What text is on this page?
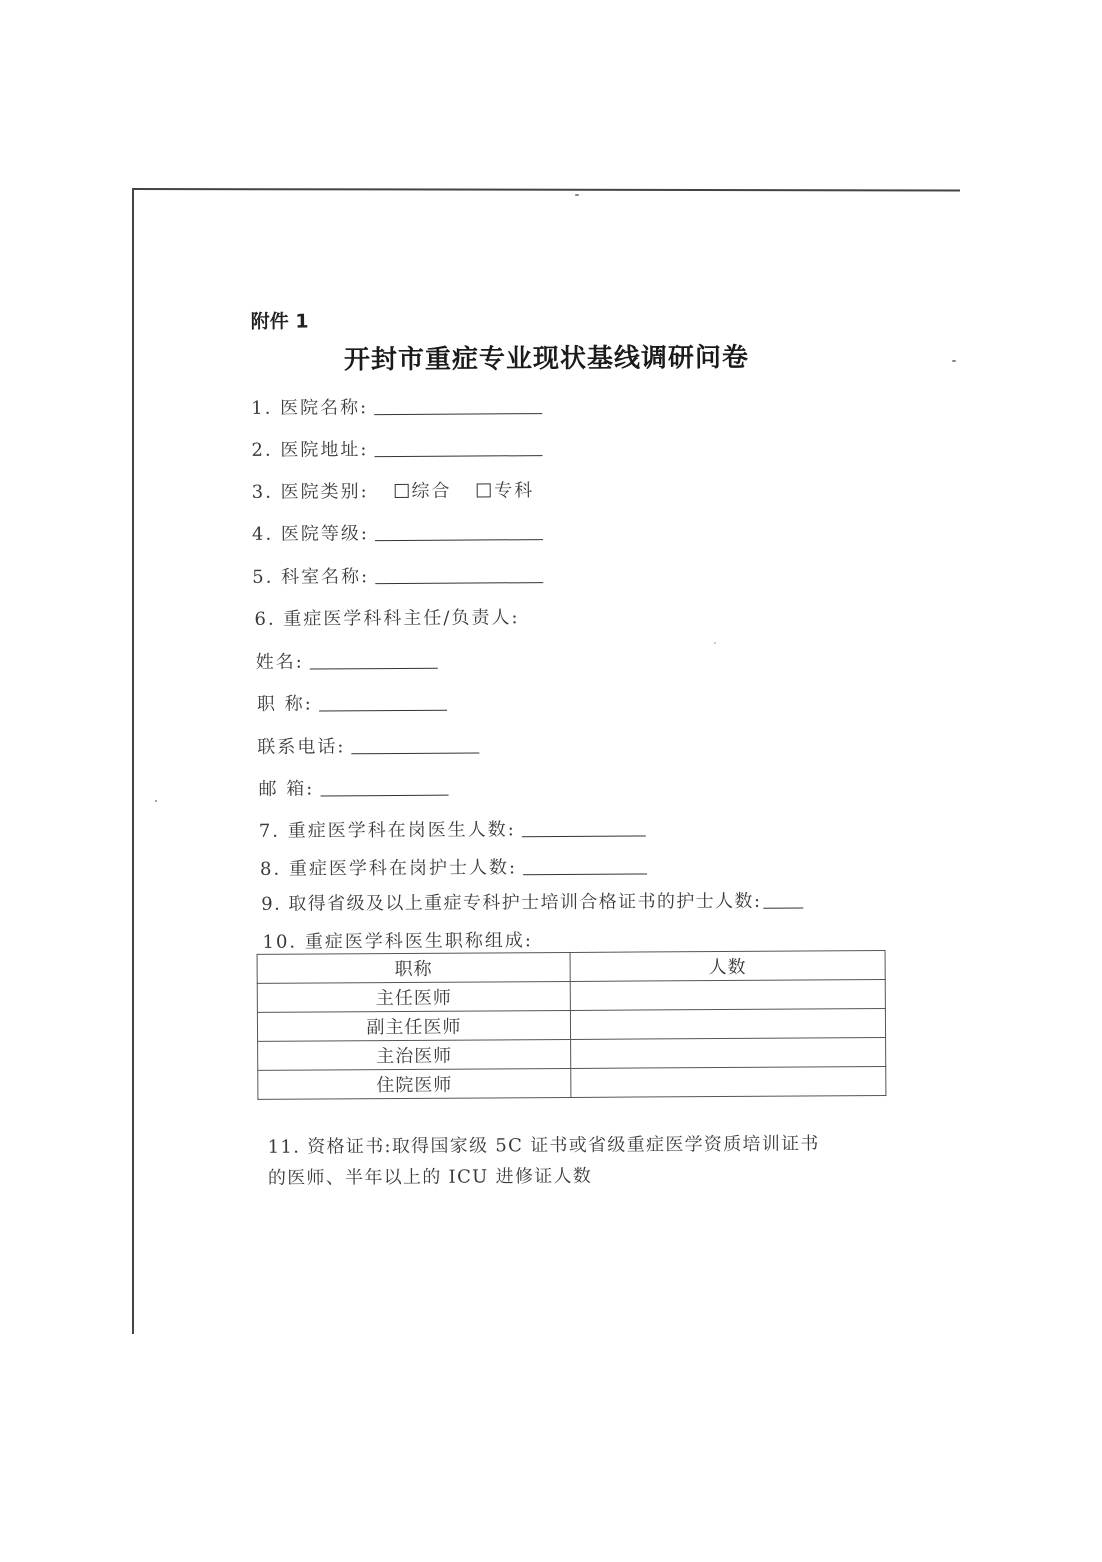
附件 1
开封市重症专业现状基线调研问卷
1. 医院名称:
2. 医院地址:
3. 医院类别: 综合 专科
4. 医院等级:
5. 科室名称:
6. 重症医学科科主任/负责人:
姓名:
职 称:
联系电话:
邮 箱:
7. 重症医学科在岗医生人数:
8. 重症医学科在岗护士人数:
9. 取得省级及以上重症专科护士培训合格证书的护士人数:
10. 重症医学科医生职称组成:
职称	人数
主任医师	
副主任医师	
主治医师	
住院医师	
11. 资格证书:取得国家级 5C 证书或省级重症医学资质培训证书
的医师、半年以上的 ICU 进修证人数
